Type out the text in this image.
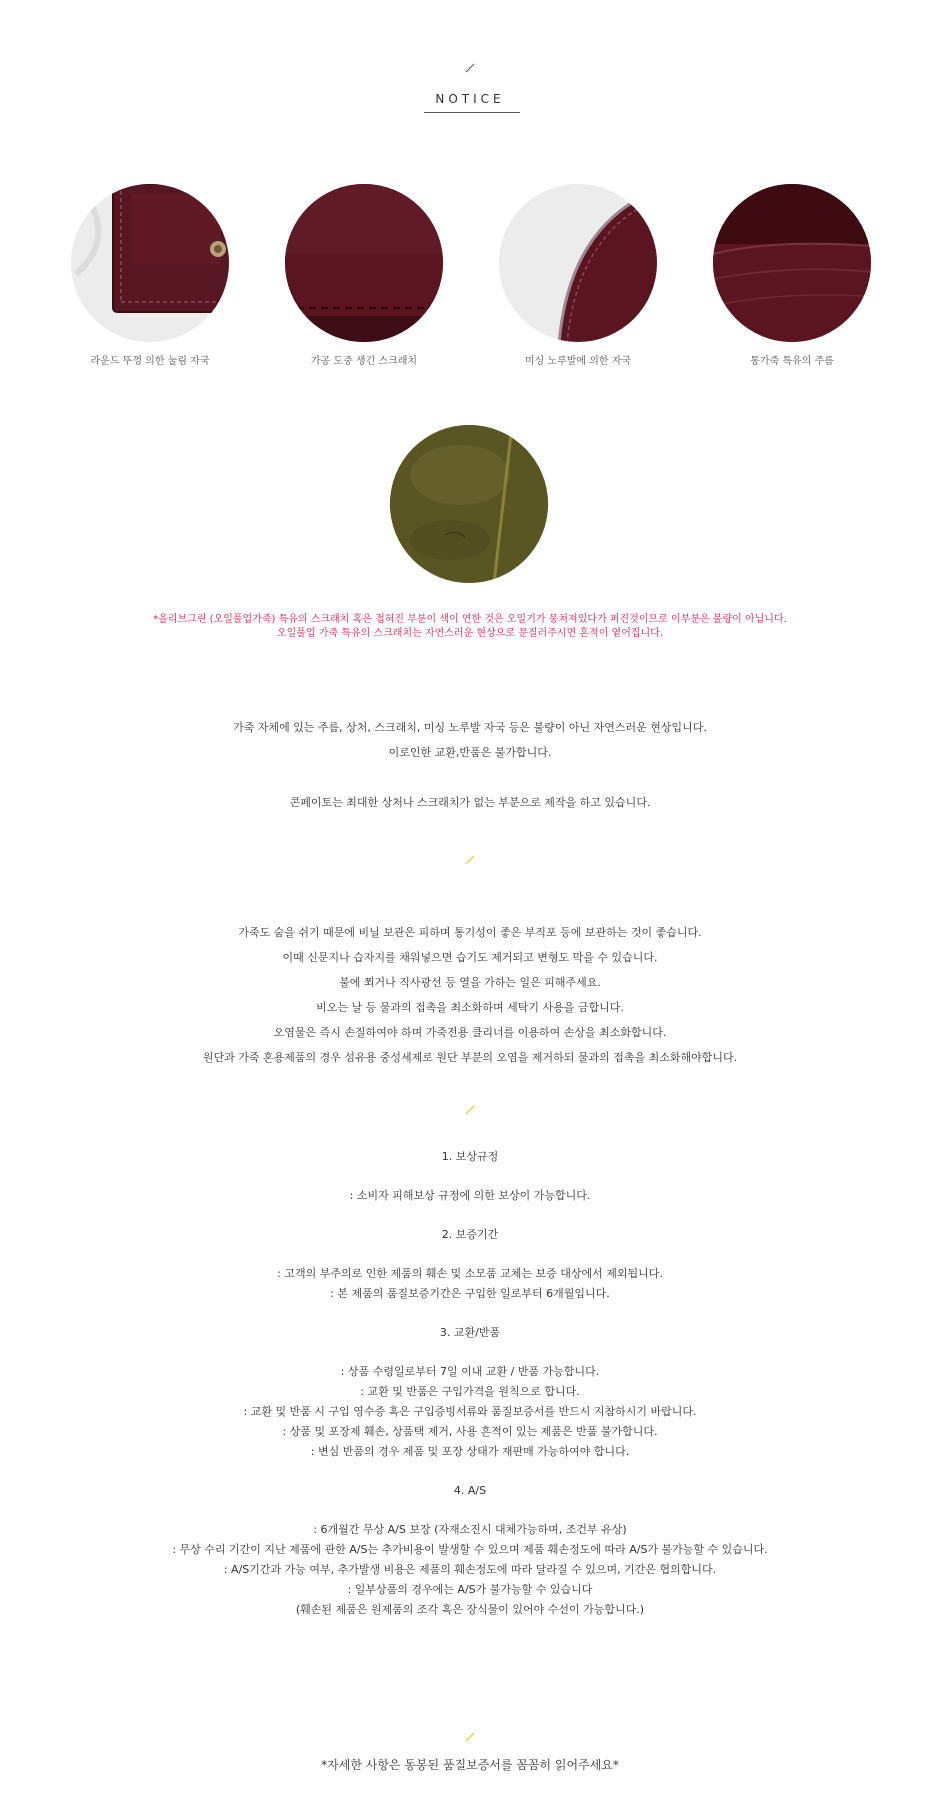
NOTICE
라운드 뚜껑 의한 눌림 자국	가공 도중 생긴 스크래치	미싱 노루발에 의한 자국	통가죽 특유의 주름
*올리브그린 (오일풀업가죽) 특유의 스크래치 혹은 접혀진 부분이 색이 연한 것은 오일기가 뭉쳐져있다가 퍼진것이므로 이부분은 불량이 아닙니다.
오일풀업 가죽 특유의 스크래치는 자연스러운 현상으로 문질러주시면 흔적이 옅어집니다.
가죽 자체에 있는 주름, 상처, 스크래치, 미싱 노루발 자국 등은 불량이 아닌 자연스러운 현상입니다.
이로인한 교환,반품은 불가합니다.
콘페이토는 최대한 상처나 스크래치가 없는 부분으로 제작을 하고 있습니다.
가죽도 숨을 쉬기 때문에 비닐 보관은 피하며 통기성이 좋은 부직포 등에 보관하는 것이 좋습니다.
이때 신문지나 습자지를 채워넣으면 습기도 제거되고 변형도 막을 수 있습니다.
불에 쬐거나 직사광선 등 열을 가하는 일은 피해주세요.
비오는 날 등 물과의 접촉을 최소화하며 세탁기 사용을 금합니다.
오염물은 즉시 손질하여야 하며 가죽전용 클리너를 이용하여 손상을 최소화합니다.
원단과 가죽 혼용제품의 경우 섬유용 중성세제로 원단 부분의 오염을 제거하되 물과의 접촉을 최소화해야합니다.
1. 보상규정
: 소비자 피해보상 규정에 의한 보상이 가능합니다.
2. 보증기간
: 고객의 부주의로 인한 제품의 훼손 및 소모품 교체는 보증 대상에서 제외됩니다.
: 본 제품의 품질보증기간은 구입한 일로부터 6개월입니다.
3. 교환/반품
: 상품 수령일로부터 7일 이내 교환 / 반품 가능합니다.
: 교환 및 반품은 구입가격을 원칙으로 합니다.
: 교환 및 반품 시 구입 영수증 혹은 구입증빙서류와 품질보증서를 반드시 지참하시기 바랍니다.
: 상품 및 포장제 훼손, 상품택 제거, 사용 흔적이 있는 제품은 반품 불가합니다.
: 변심 반품의 경우 제품 및 포장 상태가 재판매 가능하여야 합니다.
4. A/S
: 6개월간 무상 A/S 보장 (자재소진시 대체가능하며, 조건부 유상)
: 무상 수리 기간이 지난 제품에 관한 A/S는 추가비용이 발생할 수 있으며 제품 훼손정도에 따라 A/S가 불가능할 수 있습니다.
: A/S기간과 가능 여부, 추가발생 비용은 제품의 훼손정도에 따라 달라질 수 있으며, 기간은 협의합니다.
: 일부상품의 경우에는 A/S가 불가능할 수 있습니다
(훼손된 제품은 원제품의 조각 혹은 장식물이 있어야 수선이 가능합니다.)
*자세한 사항은 동봉된 품질보증서를 꼼꼼히 읽어주세요*
